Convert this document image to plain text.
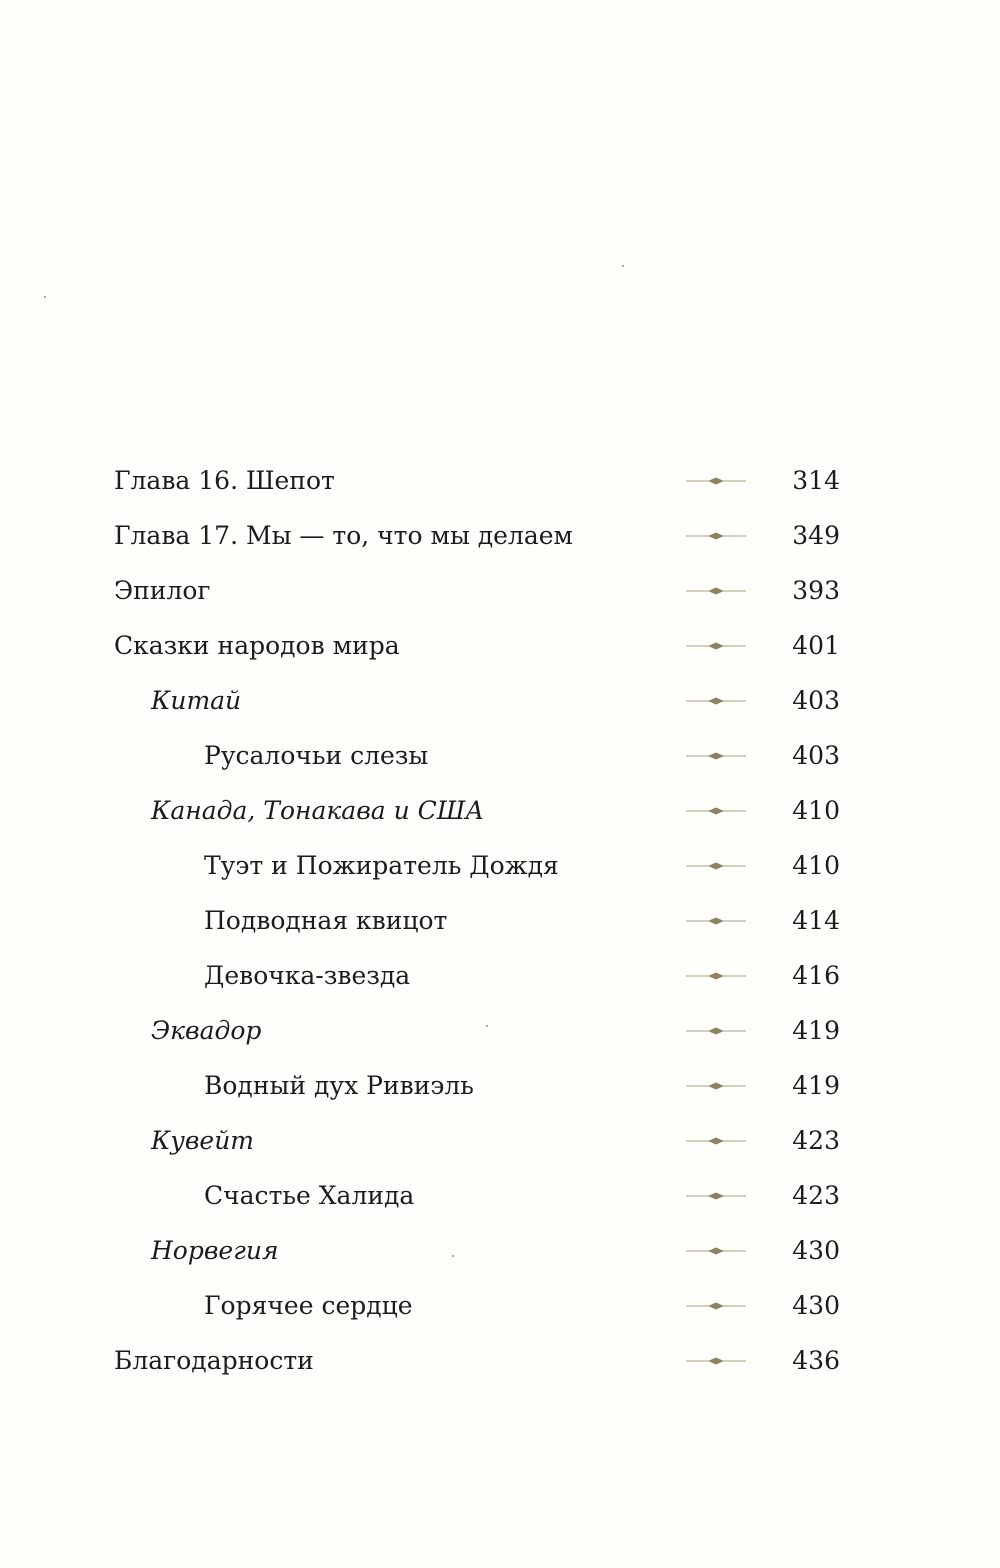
Глава 16. Шепот	314
Глава 17. Мы — то, что мы делаем	349
Эпилог	393
Сказки народов мира	401
Китай	403
Русалочьи слезы	403
Канада, Тонакава и США	410
Туэт и Пожиратель Дождя	410
Подводная квицот	414
Девочка-звезда	416
Эквадор	419
Водный дух Ривиэль	419
Кувейт	423
Счастье Халида	423
Норвегия	430
Горячее сердце	430
Благодарности	436
